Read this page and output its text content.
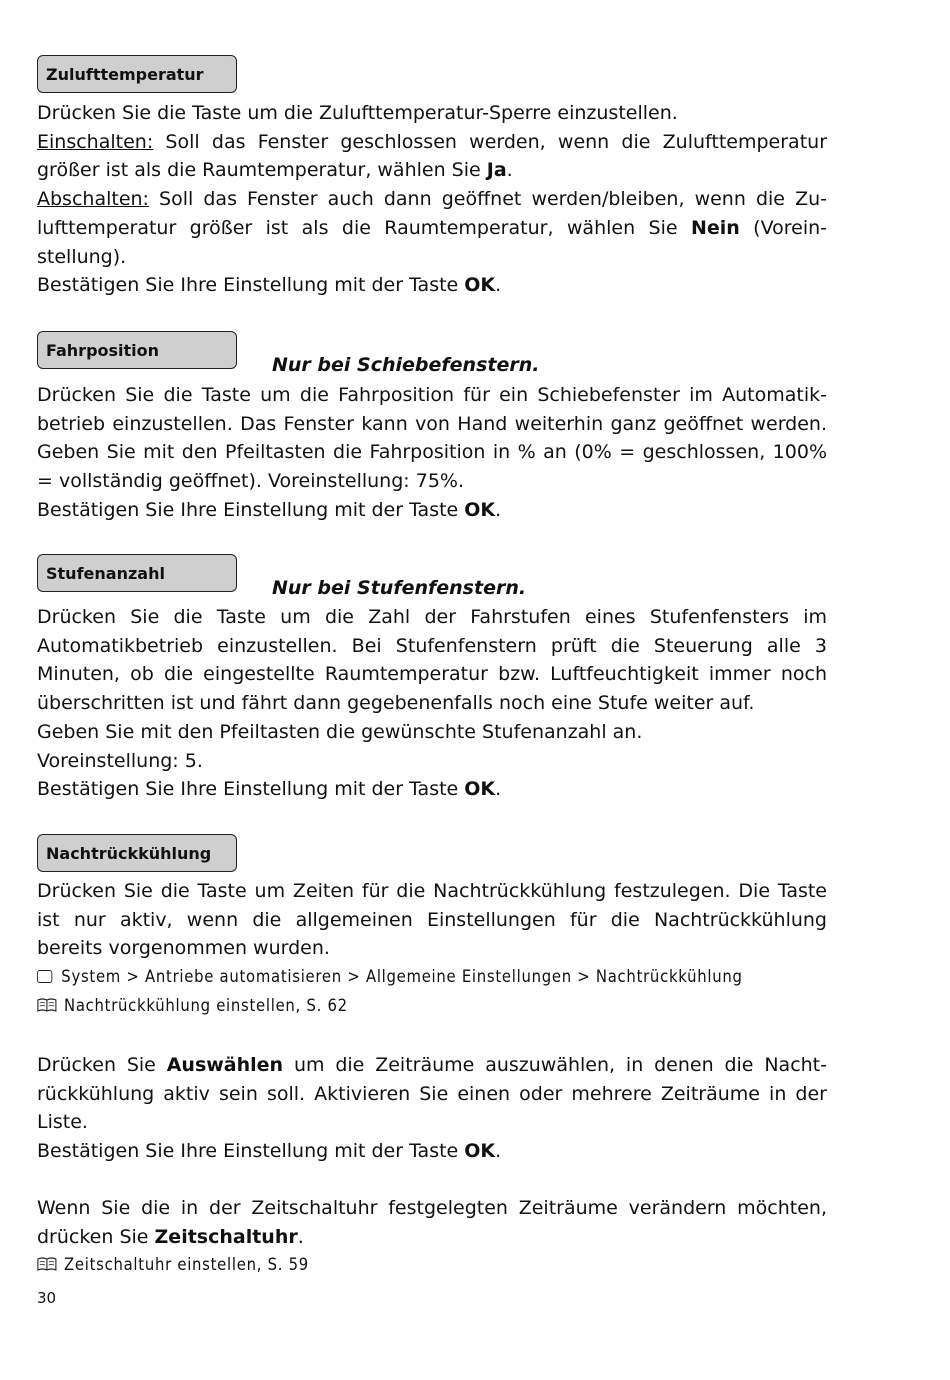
Zulufttemperatur
Drücken Sie die Taste um die Zulufttemperatur-Sperre einzustellen.
Einschalten: Soll das Fenster geschlossen werden, wenn die Zulufttemperatur
größer ist als die Raumtemperatur, wählen Sie Ja.
Abschalten: Soll das Fenster auch dann geöffnet werden/bleiben, wenn die Zu-
lufttemperatur größer ist als die Raumtemperatur, wählen Sie Nein (Vorein-
stellung).
Bestätigen Sie Ihre Einstellung mit der Taste OK.
Fahrposition
Nur bei Schiebefenstern.
Drücken Sie die Taste um die Fahrposition für ein Schiebefenster im Automatik-
betrieb einzustellen. Das Fenster kann von Hand weiterhin ganz geöffnet werden.
Geben Sie mit den Pfeiltasten die Fahrposition in % an (0% = geschlossen, 100%
= vollständig geöffnet). Voreinstellung: 75%.
Bestätigen Sie Ihre Einstellung mit der Taste OK.
Stufenanzahl
Nur bei Stufenfenstern.
Drücken Sie die Taste um die Zahl der Fahrstufen eines Stufenfensters im
Automatikbetrieb einzustellen. Bei Stufenfenstern prüft die Steuerung alle 3
Minuten, ob die eingestellte Raumtemperatur bzw. Luftfeuchtigkeit immer noch
überschritten ist und fährt dann gegebenenfalls noch eine Stufe weiter auf.
Geben Sie mit den Pfeiltasten die gewünschte Stufenanzahl an.
Voreinstellung: 5.
Bestätigen Sie Ihre Einstellung mit der Taste OK.
Nachtrückkühlung
Drücken Sie die Taste um Zeiten für die Nachtrückkühlung festzulegen. Die Taste
ist nur aktiv, wenn die allgemeinen Einstellungen für die Nachtrückkühlung
bereits vorgenommen wurden.
System > Antriebe automatisieren > Allgemeine Einstellungen > Nachtrückkühlung
Nachtrückkühlung einstellen, S. 62
Drücken Sie Auswählen um die Zeiträume auszuwählen, in denen die Nacht-
rückkühlung aktiv sein soll. Aktivieren Sie einen oder mehrere Zeiträume in der
Liste.
Bestätigen Sie Ihre Einstellung mit der Taste OK.
Wenn Sie die in der Zeitschaltuhr festgelegten Zeiträume verändern möchten,
drücken Sie Zeitschaltuhr.
Zeitschaltuhr einstellen, S. 59
30
